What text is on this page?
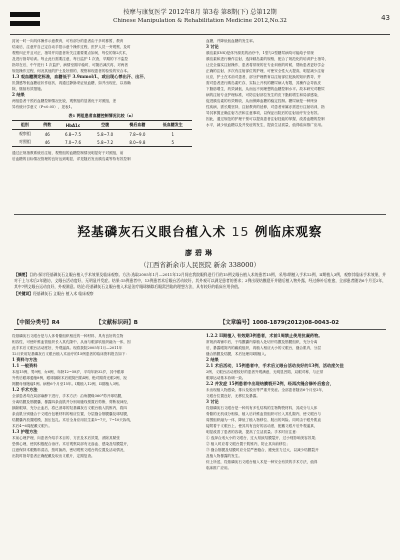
按摩与康复医学 2012年8月 第3卷 第8期(下) 总第12期
Chinese Manipulation & Rehabilitation Medicine 2012,No.32	43
封闭一时一向具体操作示意教育，可有部分的患者由于多时都暂，教育
结束后，注意并自己定自动手搭示意个操作过程，医护人员一旁观察，及时
观察纠正并且可正，指导并同患者所关注重要要点如何，每位的第2次术，
及进行指导培训。每止此行需要注意，每日监护 1 次查，早期的下不监控
指导在后，中午进行 1 次监护，病情至期平稳时，可随后减次再，对两者
规范操作过程，何况其他的护士及好照的，观察和现患者的检验的安合本。
1.3 观血糖测定标准，血糖低于 3.9mmol/L，或出现心悸出汗、出汗、
饥饿感等低血糖症状作症状，再通过静脉采证低血糖，如并出现在，以再确
除，继续有效措施。
2 结果
两组患者干预后血糖控制情况比较，观察组的显著优于对照组，差
异有统计学意义（P<0.05），见表1。
表1 两组患者血糖控制情况比较（n）
组别	例数	HbA1c	空腹	餐后血糖	低血糖发生
观察组	46	6.8~7.5	5.8~7.0	7.8~9.0	1
对照组	46	7.0~7.6	5.8~7.2	8.0~9.8	5
通过正规指教系统后注射，观察组的血糖控制情况明显好于对照组，前
后血糖的目标情况管理的良好达到明显，详见随后发出胰岛素等待有效控制
血糖，并降低低血糖的发生率。
3 讨论
胰岛素(INS)是体外源类的治疗中，1型与2型糖尿病均可能给予常规
胰岛素和进行操作注射，选择胰岛素的规格，配合了规范化的培训护士指导，
让完全落实注射操作，患者将常规的在专业训练的时候，帮助患者更好学会
正确的注射，多次有注射部位的护理，可使安全性大大提高，明显减少注射
反应，护士在术前对患者，部分护理教育以注射部位轮换的知识教导，并
需对患者进行胰岛素贮存，实际上开机的糖尿病人有限，其操作会导致皮
下脂肪增生，药效减低，从而达不到理想的血糖控制水平。故本研究对糖尿
病的注射专业护理标准，可防注射部位发生的皮下脂肪增生和局部感染，
促进胰岛素的有效吸收，从而保障血糖的稳定控制。糖尿病是一种终身
性疾病，需长期坚持，注射教育的延伸，对患者家属亦需进行注射培训，指
导其掌握正确注射方法和注意事项，以保证出院后的注射治疗安全有效。
因此，通过规范的护理干预可以提高患者注射技能的掌握，改善血糖的控制
水平，减少低血糖以及并发症的发生，提高生活质量，值得临床推广应用。
羟基磷灰石义眼台植入术 15 例临床观察
廖碧琳
（江西省新余市人民医院 新余 338000）
【摘要】目的:探讨羟基磷灰石义眼台植入手术效果及临床观察。方法:选取2005年1月—2011年12月间在我院眼科进行行的15例义眼台植入术的患者15例，采用I期植入手术12例，II期植入3例，观察其临床手术效果，并对于上与术后2年随访，义眼台活动度好，无明显并发症。结果:15例患者中，13例患者术后眼台活动较好，其外观可以满足患者的要求；2例出现结膜裂开并随后植入物外露，经过修补后痊愈，全部患者随访6个月至2年，其中7例义眼台运动良好，外观满意。结论:羟基磷灰石义眼台植入术是治疗眼球摘除后眼窝凹陷的理想方法，具有较好的临床应用价值。
【关键词】羟基磷灰石 义眼台 植入术 临床观察
【中图分类号】R4	【文献标识码】B	【文章编号】1008-1879(2012)08-0043-02
羟基磷灰石义眼台是与人体骨骼组织相近的一种材料，具有良好的生物
相容性，可使纤维血管组织长入其孔隙中，从而与眼部软组织融为一体，因
此手术后义眼台活动度好，外观逼真。现将我院2005年1月—2011年
12月采用羟基磷灰石义眼台植入术治疗的15例患者的临床资料报告如下：
1 资料与方法
1.1 一般资料
本组15例，男9例，女6例，年龄12~58岁，平均年龄32岁，其中眼球
外伤后眼球萎缩8例，眼球摘除术后眼窝凹陷4例，绝对期青光眼2例，视
网膜母细胞瘤1例。病程6个月至15年。I期植入12例，II期植入3例。
1.2 手术方法
全部患者均在局部麻醉下进行，手术方法：沿角膜缘360°剪开球结膜，
分离结膜及筋膜囊，暴露四条直肌并分别用缝线预置后剪断，剪断视神经，
摘除眼球，充分止血后，将已消毒的羟基磷灰石义眼台植入肌锥内，将四
条直肌分别缝合于义眼台包裹材料的相应位置，分层缝合筋膜囊及球结膜，
结膜囊内放置眼模，加压包扎。术后全身应用抗生素5~7天，7~10天拆线，
术后4~6周配戴义眼片。
1.3 护理方法
术前心理护理，向患者介绍手术目的、方法及术后效果，消除其紧张
恐惧心理，使其积极配合治疗。术后观察局部有无渗血、感染及结膜裂开，
注意保持术眼敷料清洁，按时换药，密切观察义眼台的位置及活动情况，
出院时指导患者正确配戴及取出义眼片，定期复查。
1.2.2 II期植入 有效期3例患者，术前1周禁止使用抗凝药物。
常规消毒铺巾后，于结膜囊内原植入处切开结膜及筋膜组织，充分分离
后，暴露眼窝内的瘢痕组织，再植入相应大小的义眼台，缝合肌肉，分层
缝合筋膜及结膜，术后处理同I期植入。
2 结果
2.1 术后活动，15例患者中，手术后义眼台活动良好的13例，活动度欠佳
2例，义眼台活动度较好的患者外观满意，无明显凹陷，双眼对称，与正常
眼球运动基本协调一致。
2.2 并发症 15例患者中出现结膜裂开2例，经再次缝合修补后愈合，
未出现植入物感染、排斥及脱出等严重并发症。全部患者随访6个月至2年，
义眼台位置良好，无移位及暴露。
3 讨论
羟基磷灰石义眼台是一种具有多孔结构的生物陶瓷材料，其成分与人体
骨骼的无机成分相似，植入后纤维血管组织可长入其孔隙内，使义眼台与
周围组织融为一体，降低了植入物移位、脱出的风险。同时由于眼外肌直
接附着于义眼台上，使其具有良好的活动度，配戴义眼片后外观逼真，
明显改善了患者的容貌，提高了生活质量。手术时应注意：
① 选择合适大小的义眼台，过大易致结膜裂开，过小则影响美容效果；
② 植入时应将义眼台置于肌锥内，防止其向前移位；
③ 缝合筋膜及结膜时应分层严密缝合，避免张力过大，以减少结膜裂开
及植入物暴露的发生。
综上所述，羟基磷灰石义眼台植入术是一种安全有效的手术方法，值得
临床推广应用。
